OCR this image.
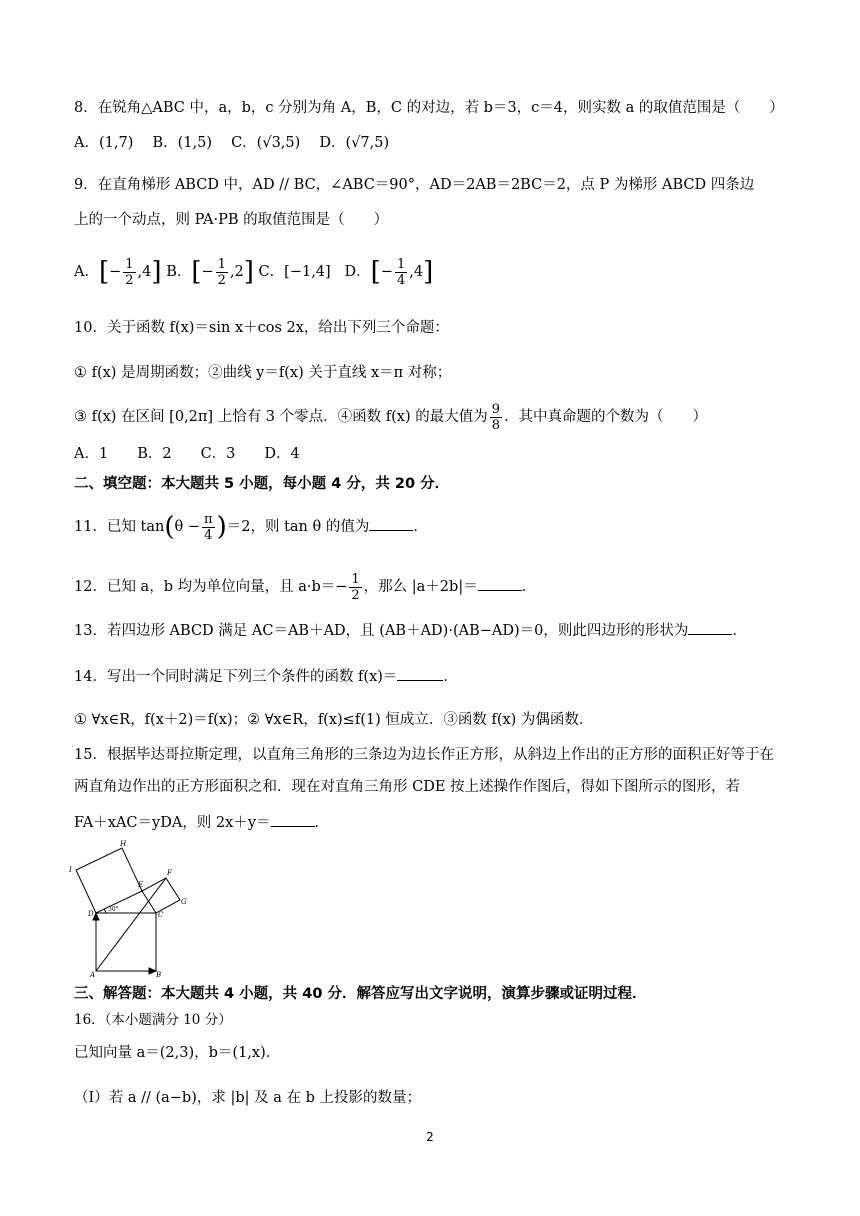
8．在锐角△ABC 中，a，b，c 分别为角 A，B，C 的对边，若 b＝3，c＝4，则实数 a 的取值范围是（　　）
A．(1,7)　 B．(1,5)　 C．(√3,5)　 D．(√7,5)
9．在直角梯形 ABCD 中，AD // BC，∠ABC＝90°，AD＝2AB＝2BC＝2，点 P 为梯形 ABCD 四条边
上的一个动点，则 PA·PB 的取值范围是（　　）
A．[− $\frac{1}{2} ,4$] B．[− $\frac{1}{2} ,2$] C．[−1,4] D．[− $\frac{1}{4} ,4$]
10．关于函数 f(x)＝sin x＋cos 2x，给出下列三个命题：
① f(x) 是周期函数；②曲线 y＝f(x) 关于直线 x＝π 对称；
③ f(x) 在区间 [0,2π] 上恰有 3 个零点．④函数 f(x) 的最大值为 $\frac{9}{8}$ ．其中真命题的个数为（　　）
A．1　　B．2　　C．3　　D．4
二、填空题：本大题共 5 小题，每小题 4 分，共 20 分．
11．已知 $\tan(\theta - \frac{\pi}{4} )=2$，则 tan θ 的值为	．
12．已知 a，b 均为单位向量，且 $a\cdot b=- \frac{1}{2}$ ，那么 |a＋2b|＝	．
13．若四边形 ABCD 满足 AC＝AB＋AD，且 (AB＋AD)·(AB−AD)＝0，则此四边形的形状为	．
14．写出一个同时满足下列三个条件的函数 f(x)＝	．
① ∀x∈R，f(x＋2)＝f(x)；② ∀x∈R，f(x)≤f(1) 恒成立．③函数 f(x) 为偶函数．
15．根据毕达哥拉斯定理，以直角三角形的三条边为边长作正方形，从斜边上作出的正方形的面积正好等于在
两直角边作出的正方形面积之和．现在对直角三角形 CDE 按上述操作作图后，得如下图所示的图形，若
FA＋xAC＝yDA，则 2x＋y＝	．
H
I
E
F
G
D	C
A	B
30°
三、解答题：本大题共 4 小题，共 40 分．解答应写出文字说明，演算步骤或证明过程．
16．（本小题满分 10 分）
已知向量 a＝(2,3)，b＝(1,x)．
（Ⅰ）若 a // (a−b)，求 |b| 及 a 在 b 上投影的数量；
2
